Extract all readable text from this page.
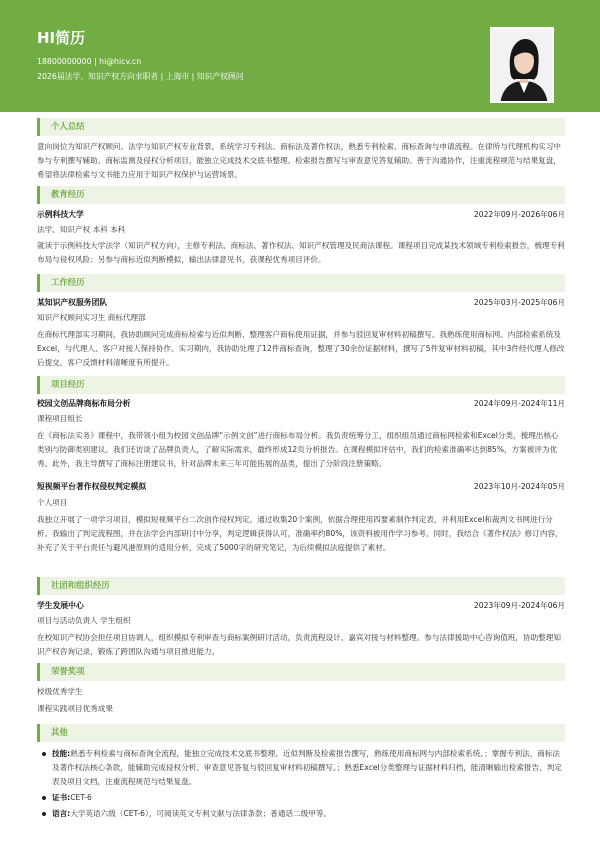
HI简历
18800000000 | hi@hicv.cn
2026届法学、知识产权方向求职者 | 上海市 | 知识产权顾问
个人总结
意向岗位为知识产权顾问。法学与知识产权专业背景，系统学习专利法、商标法及著作权法，熟悉专利检索、商标查询与申请流程。在律所与代理机构实习中参与专利撰写辅助、商标监测及侵权分析项目，能独立完成技术交底书整理、检索报告撰写与审查意见答复辅助。善于沟通协作，注重流程规范与结果复盘，希望将法律检索与文书能力应用于知识产权保护与运营场景。
教育经历
示例科技大学	2022年09月-2026年06月
法学、知识产权 本科 本科
就读于示例科技大学法学（知识产权方向），主修专利法、商标法、著作权法、知识产权管理及民商法课程。课程项目完成某技术领域专利检索报告，梳理专利布局与侵权风险；另参与商标近似判断模拟，输出法律意见书，获课程优秀项目评价。
工作经历
某知识产权服务团队	2025年03月-2025年06月
知识产权顾问实习生 商标代理部
在商标代理部实习期间，我协助顾问完成商标检索与近似判断，整理客户商标使用证据，并参与驳回复审材料初稿撰写。我熟练使用商标网、内部检索系统及Excel，与代理人、客户对接人保持协作。实习期内，我协助处理了12件商标查询，整理了30余份证据材料，撰写了5件复审材料初稿，其中3件经代理人修改后提交，客户反馈材料清晰度有所提升。
项目经历
校园文创品牌商标布局分析	2024年09月-2024年11月
课程项目组长
在《商标法实务》课程中，我带领小组为校园文创品牌“示例文创”进行商标布局分析。我负责统筹分工，组织组员通过商标网检索和Excel分类，梳理出核心类别与防御类别建议。我们还访谈了品牌负责人，了解实际需求，最终形成12页分析报告。在课程模拟评估中，我们的检索准确率达到85%，方案被评为优秀。此外，我主导撰写了商标注册建议书，针对品牌未来三年可能拓展的品类，提出了分阶段注册策略。
短视频平台著作权侵权判定模拟	2023年10月-2024年05月
个人项目
我独立开展了一项学习项目，模拟短视频平台二次创作侵权判定。通过收集20个案例，依据合理使用四要素制作判定表，并利用Excel和裁判文书网进行分析。我输出了判定流程图，并在法学会内部研讨中分享，判定逻辑获得认可，准确率约80%，该资料被用作学习参考。同时，我结合《著作权法》修订内容，补充了关于平台责任与避风港原则的适用分析，完成了5000字的研究笔记，为后续模拟法庭提供了素材。
社团和组织经历
学生发展中心	2023年09月-2024年06月
项目与活动负责人 学生组织
在校知识产权协会担任项目协调人，组织模拟专利审查与商标案例研讨活动，负责流程设计、嘉宾对接与材料整理。参与法律援助中心咨询值班，协助整理知识产权咨询记录，锻炼了跨团队沟通与项目推进能力。
荣誉奖项
校级优秀学生
课程实践项目优秀成果
其他
技能:熟悉专利检索与商标查询全流程，能独立完成技术交底书整理、近似判断及检索报告撰写，熟练使用商标网与内部检索系统。；掌握专利法、商标法及著作权法核心条款，能辅助完成侵权分析、审查意见答复与驳回复审材料初稿撰写。；熟悉Excel分类整理与证据材料归档，能清晰输出检索报告、判定表及项目文档，注重流程规范与结果复盘。
证书:CET-6
语言:大学英语六级（CET-6），可阅读英文专利文献与法律条款；普通话二级甲等。
